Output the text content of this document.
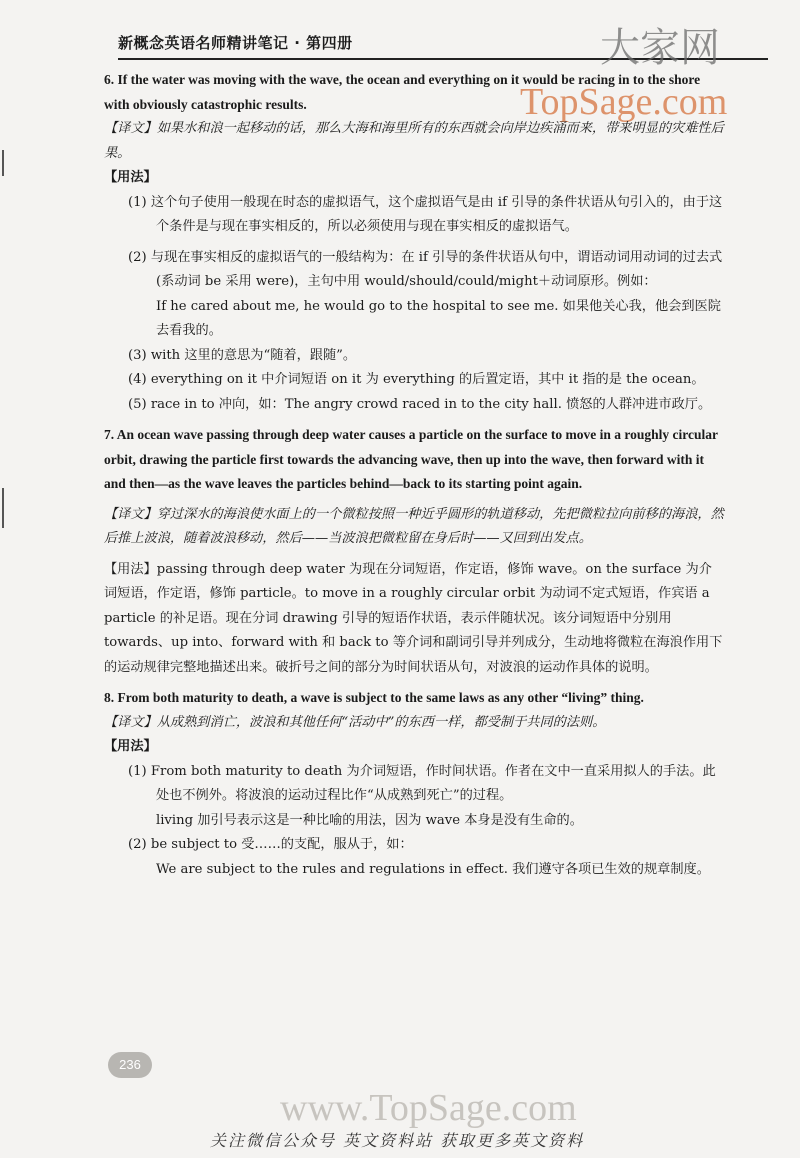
新概念英语名师精讲笔记 · 第四册	大家网
TopSage.com

6. If the water was moving with the wave, the ocean and everything on it would be racing in to the shore with obviously catastrophic results.

【译文】如果水和浪一起移动的话，那么大海和海里所有的东西就会向岸边疾涌而来，带来明显的灾难性后果。

【用法】

(1) 这个句子使用一般现在时态的虚拟语气，这个虚拟语气是由 if 引导的条件状语从句引入的，由于这个条件是与现在事实相反的，所以必须使用与现在事实相反的虚拟语气。

(2) 与现在事实相反的虚拟语气的一般结构为：在 if 引导的条件状语从句中，谓语动词用动词的过去式(系动词 be 采用 were)，主句中用 would/should/could/might＋动词原形。例如：

If he cared about me, he would go to the hospital to see me. 如果他关心我，他会到医院去看我的。

(3) with 这里的意思为“随着，跟随”。

(4) everything on it 中介词短语 on it 为 everything 的后置定语，其中 it 指的是 the ocean。

(5) race in to 冲向，如：The angry crowd raced in to the city hall. 愤怒的人群冲进市政厅。

7. An ocean wave passing through deep water causes a particle on the surface to move in a roughly circular orbit, drawing the particle first towards the advancing wave, then up into the wave, then forward with it and then—as the wave leaves the particles behind—back to its starting point again.

【译文】穿过深水的海浪使水面上的一个微粒按照一种近乎圆形的轨道移动，先把微粒拉向前移的海浪，然后推上波浪，随着波浪移动，然后——当波浪把微粒留在身后时——又回到出发点。

【用法】passing through deep water 为现在分词短语，作定语，修饰 wave。on the surface 为介词短语，作定语，修饰 particle。to move in a roughly circular orbit 为动词不定式短语，作宾语 a particle 的补足语。现在分词 drawing 引导的短语作状语，表示伴随状况。该分词短语中分别用 towards、up into、forward with 和 back to 等介词和副词引导并列成分，生动地将微粒在海浪作用下的运动规律完整地描述出来。破折号之间的部分为时间状语从句，对波浪的运动作具体的说明。

8. From both maturity to death, a wave is subject to the same laws as any other “living” thing.

【译文】从成熟到消亡，波浪和其他任何“活动中”的东西一样，都受制于共同的法则。

【用法】

(1) From both maturity to death 为介词短语，作时间状语。作者在文中一直采用拟人的手法。此处也不例外。将波浪的运动过程比作“从成熟到死亡”的过程。

living 加引号表示这是一种比喻的用法，因为 wave 本身是没有生命的。

(2) be subject to 受……的支配，服从于，如：

We are subject to the rules and regulations in effect. 我们遵守各项已生效的规章制度。

236
www.TopSage.com
关注微信公众号 英文资料站 获取更多英文资料
